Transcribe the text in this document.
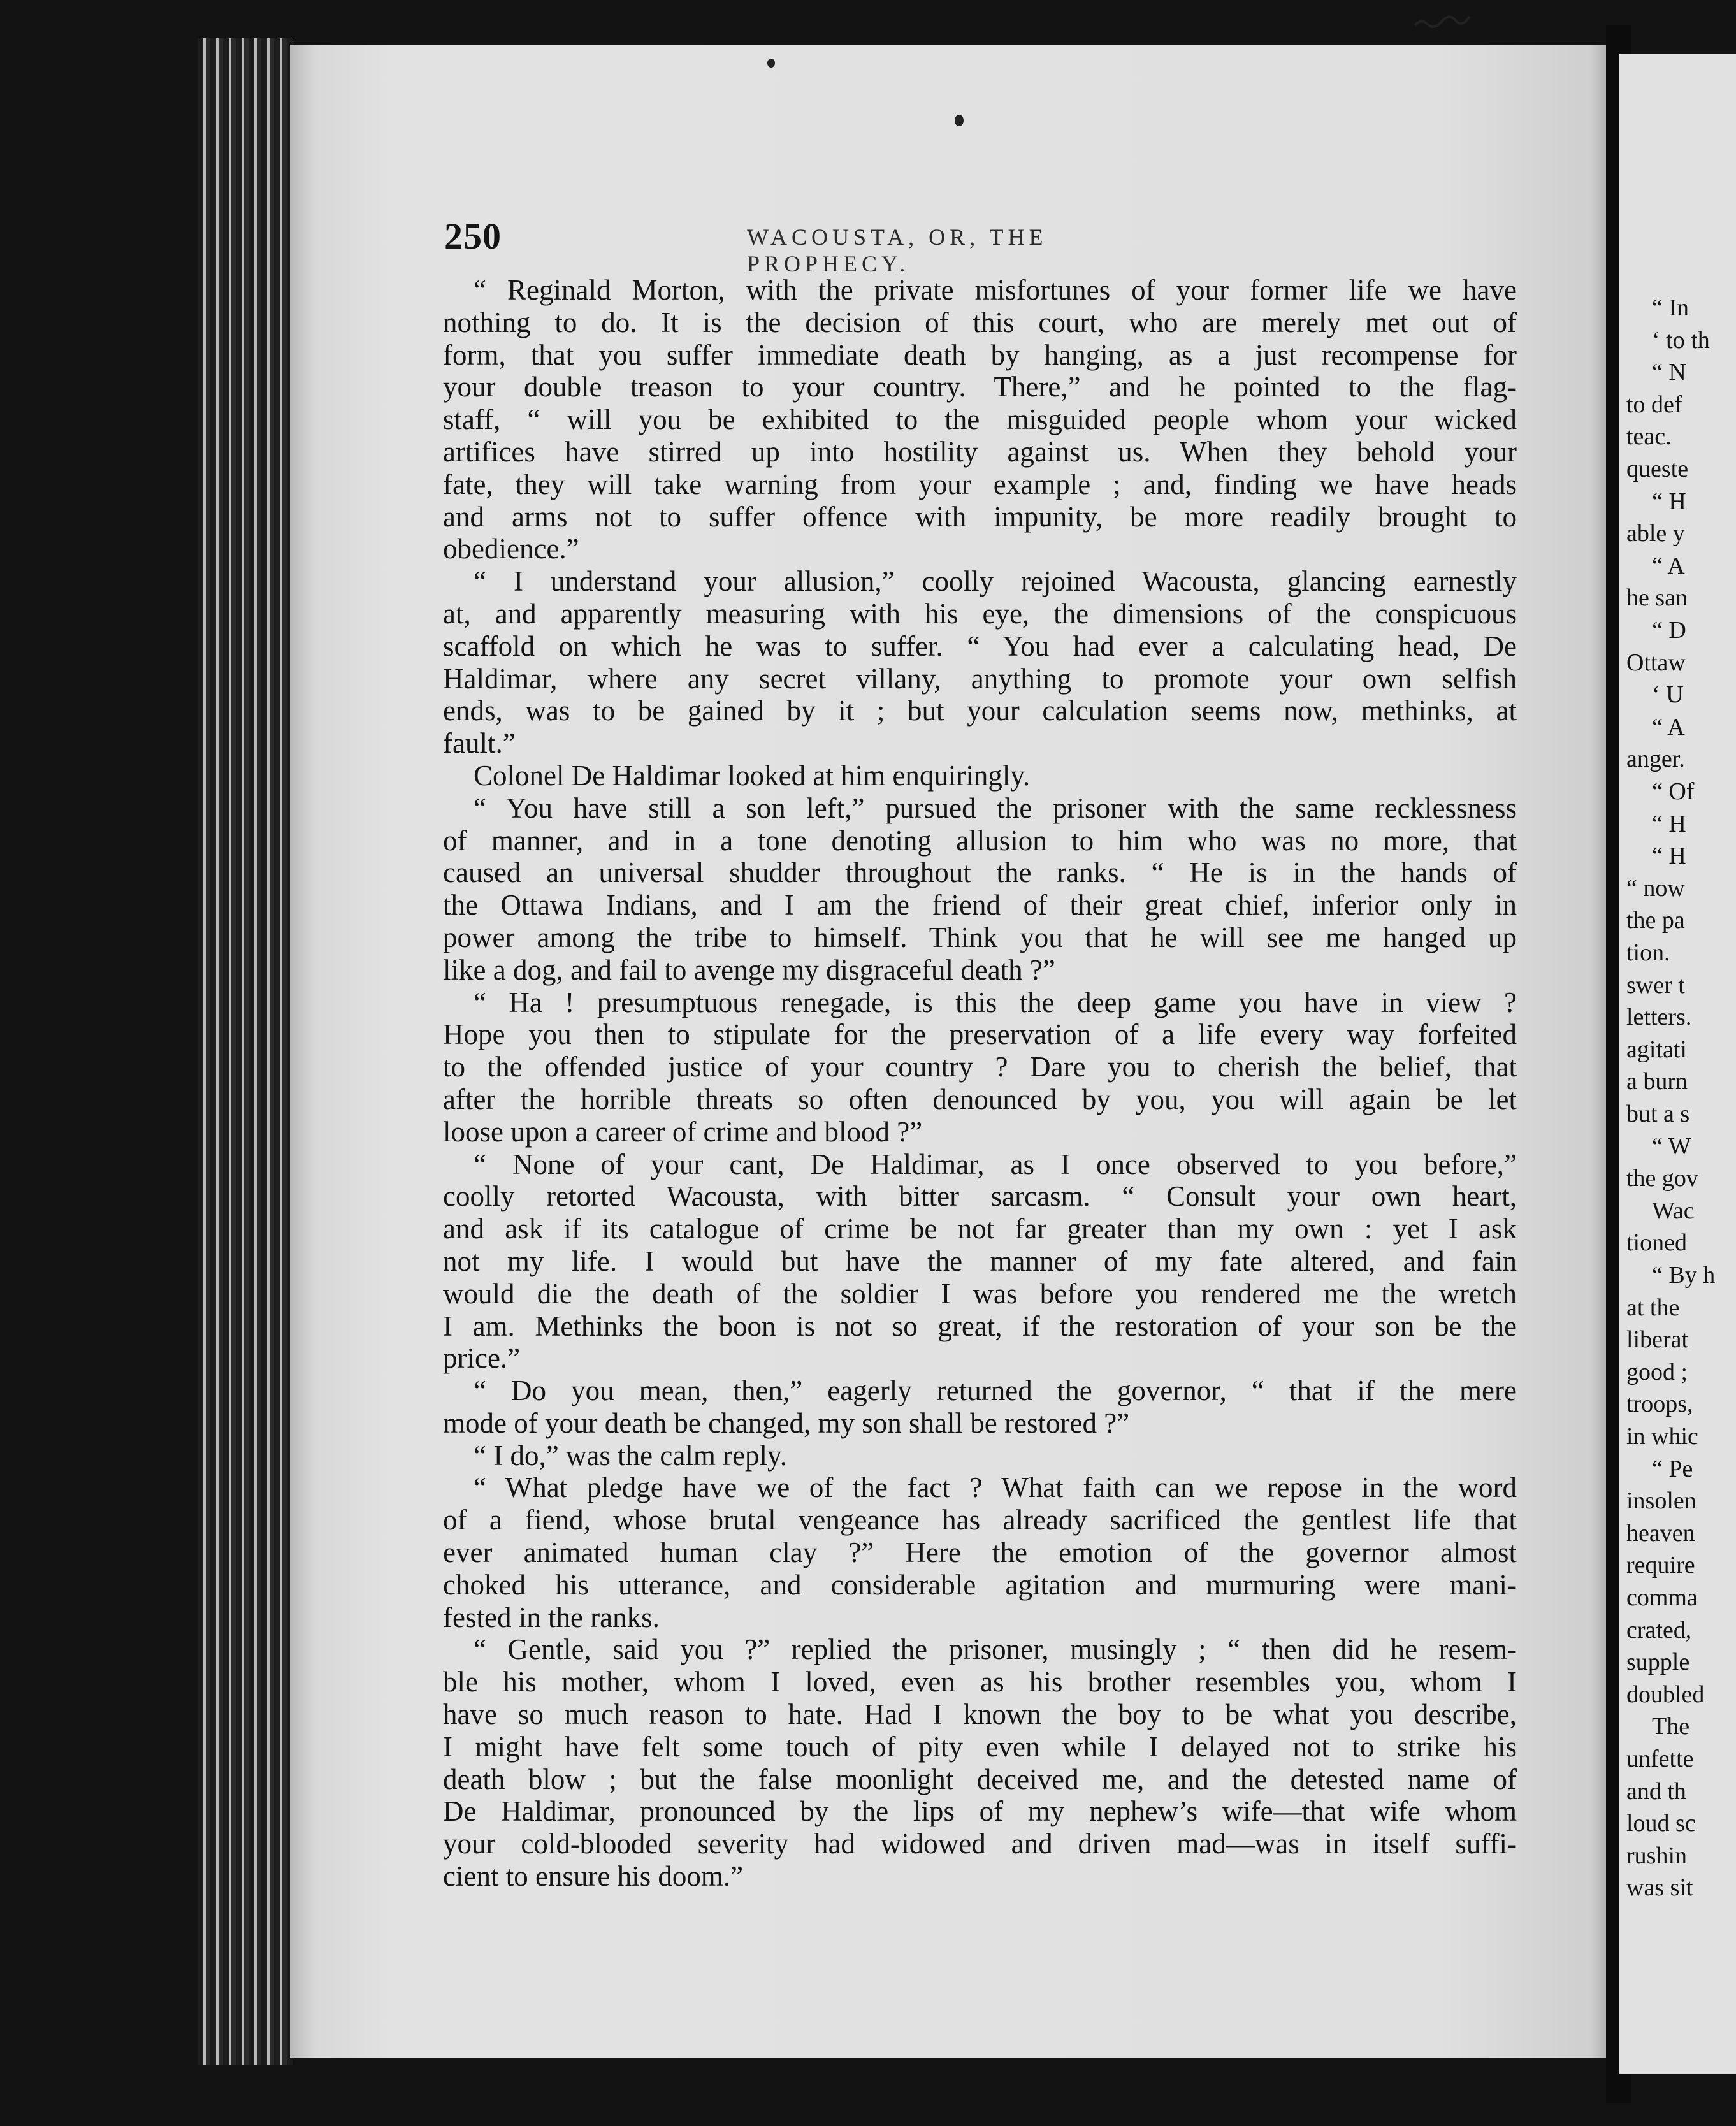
“ In
‘ to th
“ N
to def
teac.
queste
“ H
able y
“ A
he san
“ D
Ottaw
‘ U
“ A
anger.
“ Of
“ H
“ H
“ now
the pa
tion.
swer t
letters.
agitati
a burn
but a s
“ W
the gov
Wac
tioned
“ By h
at the
liberat
good ;
troops,
in whic
“ Pe
insolen
heaven
require
comma
crated,
supple
doubled
The
unfette
and th
loud sc
rushin
was sit
250	WACOUSTA, OR, THE PROPHECY.
“ Reginald Morton, with the private misfortunes of your former life we have
nothing to do. It is the decision of this court, who are merely met out of
form, that you suffer immediate death by hanging, as a just recompense for
your double treason to your country. There,” and he pointed to the flag-
staff, “ will you be exhibited to the misguided people whom your wicked
artifices have stirred up into hostility against us. When they behold your
fate, they will take warning from your example ; and, finding we have heads
and arms not to suffer offence with impunity, be more readily brought to
obedience.”
“ I understand your allusion,” coolly rejoined Wacousta, glancing earnestly
at, and apparently measuring with his eye, the dimensions of the conspicuous
scaffold on which he was to suffer. “ You had ever a calculating head, De
Haldimar, where any secret villany, anything to promote your own selfish
ends, was to be gained by it ; but your calculation seems now, methinks, at
fault.”
Colonel De Haldimar looked at him enquiringly.
“ You have still a son left,” pursued the prisoner with the same recklessness
of manner, and in a tone denoting allusion to him who was no more, that
caused an universal shudder throughout the ranks. “ He is in the hands of
the Ottawa Indians, and I am the friend of their great chief, inferior only in
power among the tribe to himself. Think you that he will see me hanged up
like a dog, and fail to avenge my disgraceful death ?”
“ Ha ! presumptuous renegade, is this the deep game you have in view ?
Hope you then to stipulate for the preservation of a life every way forfeited
to the offended justice of your country ? Dare you to cherish the belief, that
after the horrible threats so often denounced by you, you will again be let
loose upon a career of crime and blood ?”
“ None of your cant, De Haldimar, as I once observed to you before,”
coolly retorted Wacousta, with bitter sarcasm. “ Consult your own heart,
and ask if its catalogue of crime be not far greater than my own : yet I ask
not my life. I would but have the manner of my fate altered, and fain
would die the death of the soldier I was before you rendered me the wretch
I am. Methinks the boon is not so great, if the restoration of your son be the
price.”
“ Do you mean, then,” eagerly returned the governor, “ that if the mere
mode of your death be changed, my son shall be restored ?”
“ I do,” was the calm reply.
“ What pledge have we of the fact ? What faith can we repose in the word
of a fiend, whose brutal vengeance has already sacrificed the gentlest life that
ever animated human clay ?” Here the emotion of the governor almost
choked his utterance, and considerable agitation and murmuring were mani-
fested in the ranks.
“ Gentle, said you ?” replied the prisoner, musingly ; “ then did he resem-
ble his mother, whom I loved, even as his brother resembles you, whom I
have so much reason to hate. Had I known the boy to be what you describe,
I might have felt some touch of pity even while I delayed not to strike his
death blow ; but the false moonlight deceived me, and the detested name of
De Haldimar, pronounced by the lips of my nephew’s wife—that wife whom
your cold-blooded severity had widowed and driven mad—was in itself suffi-
cient to ensure his doom.”
